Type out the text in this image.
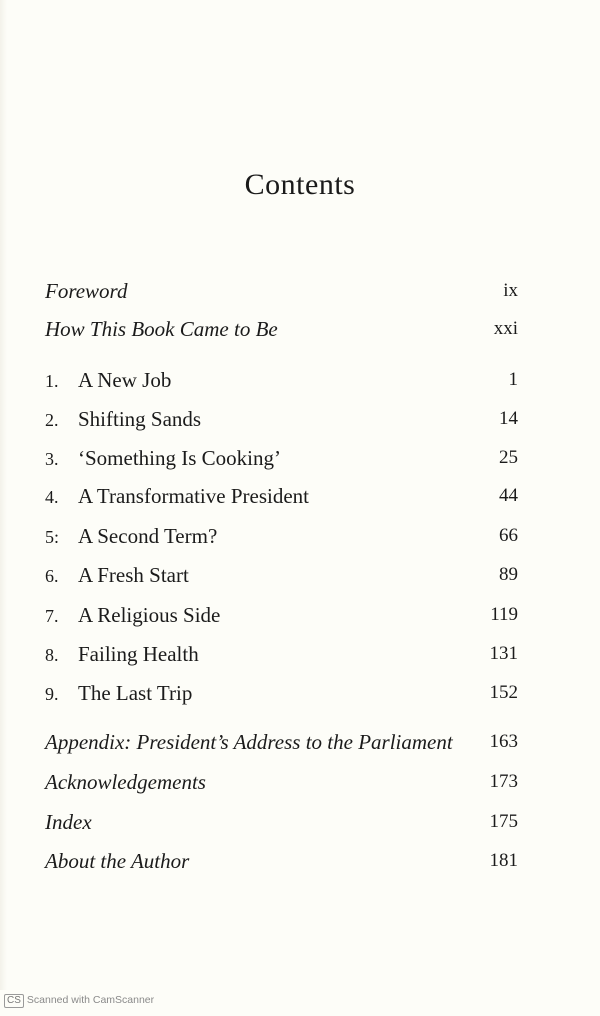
Contents
Foreword	ix
How This Book Came to Be	xxi
1. A New Job	1
2. Shifting Sands	14
3. ‘Something Is Cooking’	25
4. A Transformative President	44
5: A Second Term?	66
6. A Fresh Start	89
7. A Religious Side	119
8. Failing Health	131
9. The Last Trip	152
Appendix: President’s Address to the Parliament 163
Acknowledgements	173
Index	175
About the Author	181
CS Scanned with CamScanner
